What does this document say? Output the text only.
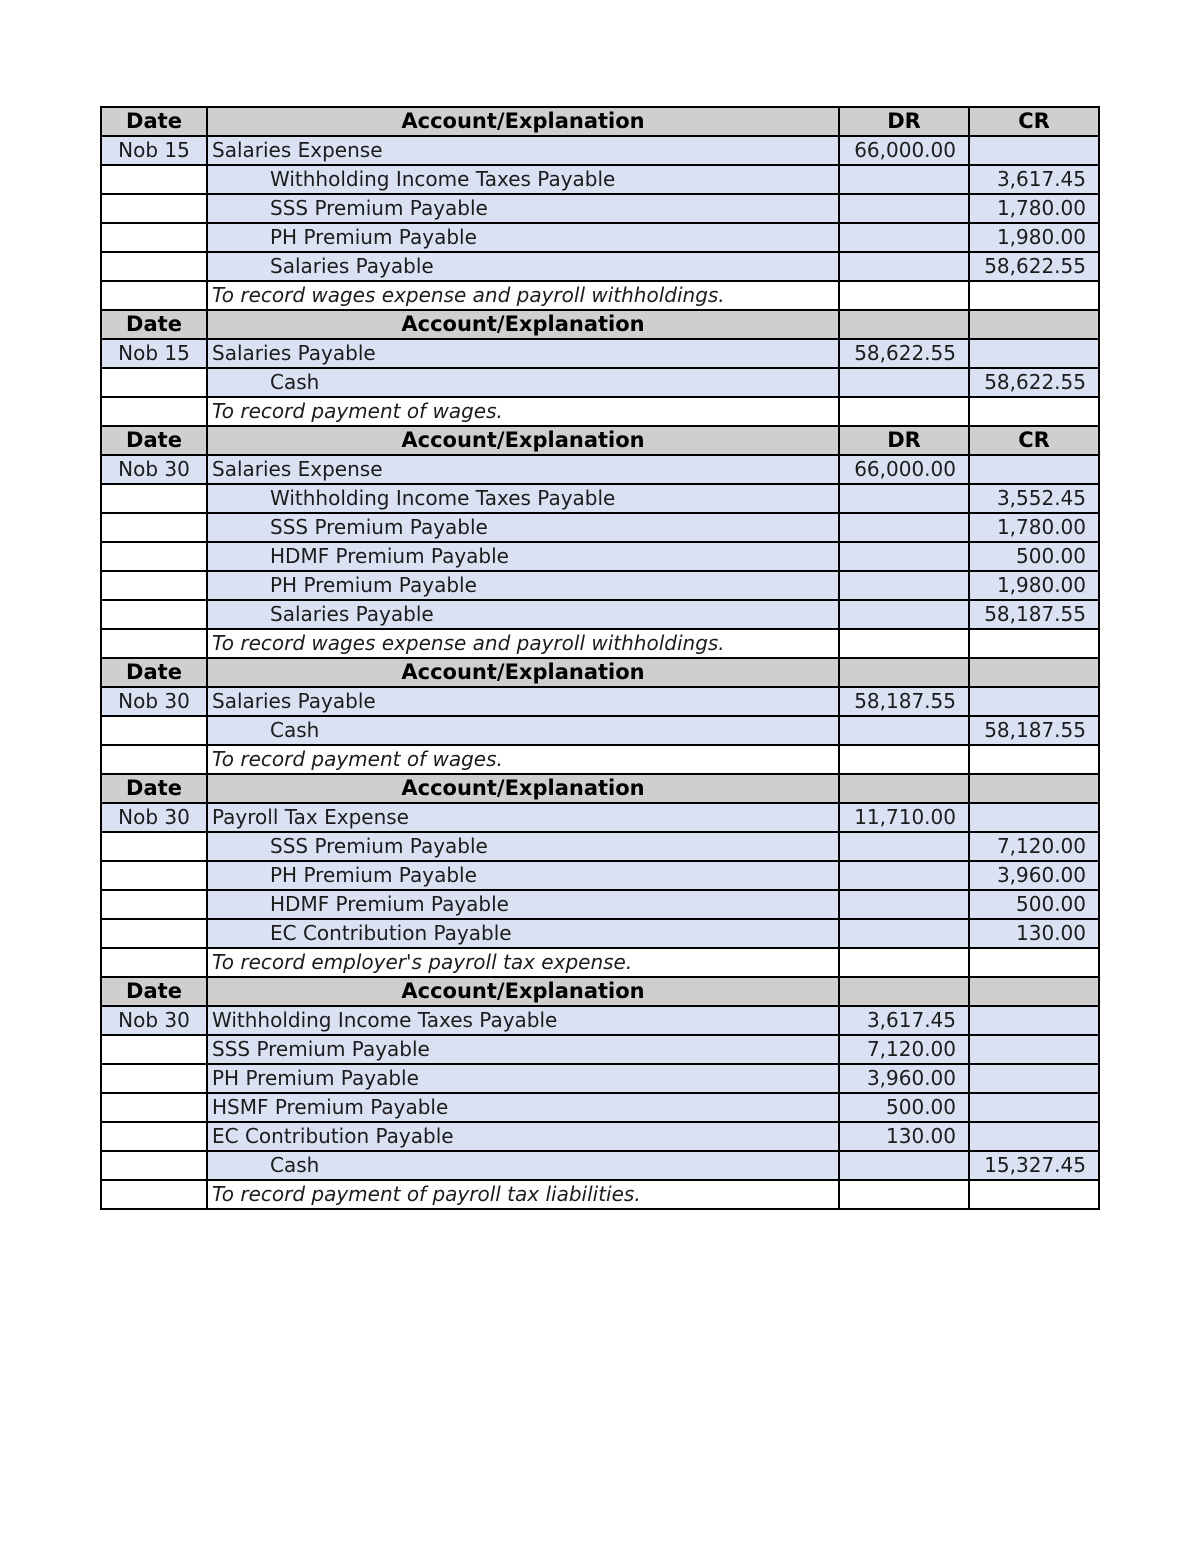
Date	Account/Explanation	DR	CR
Nob 15	Salaries Expense	66,000.00	
	Withholding Income Taxes Payable		3,617.45
	SSS Premium Payable		1,780.00
	PH Premium Payable		1,980.00
	Salaries Payable		58,622.55
	To record wages expense and payroll withholdings.		
Date	Account/Explanation		
Nob 15	Salaries Payable	58,622.55	
	Cash		58,622.55
	To record payment of wages.		
Date	Account/Explanation	DR	CR
Nob 30	Salaries Expense	66,000.00	
	Withholding Income Taxes Payable		3,552.45
	SSS Premium Payable		1,780.00
	HDMF Premium Payable		500.00
	PH Premium Payable		1,980.00
	Salaries Payable		58,187.55
	To record wages expense and payroll withholdings.		
Date	Account/Explanation		
Nob 30	Salaries Payable	58,187.55	
	Cash		58,187.55
	To record payment of wages.		
Date	Account/Explanation		
Nob 30	Payroll Tax Expense	11,710.00	
	SSS Premium Payable		7,120.00
	PH Premium Payable		3,960.00
	HDMF Premium Payable		500.00
	EC Contribution Payable		130.00
	To record employer's payroll tax expense.		
Date	Account/Explanation		
Nob 30	Withholding Income Taxes Payable	3,617.45	
	SSS Premium Payable	7,120.00	
	PH Premium Payable	3,960.00	
	HSMF Premium Payable	500.00	
	EC Contribution Payable	130.00	
	Cash		15,327.45
	To record payment of payroll tax liabilities.		
